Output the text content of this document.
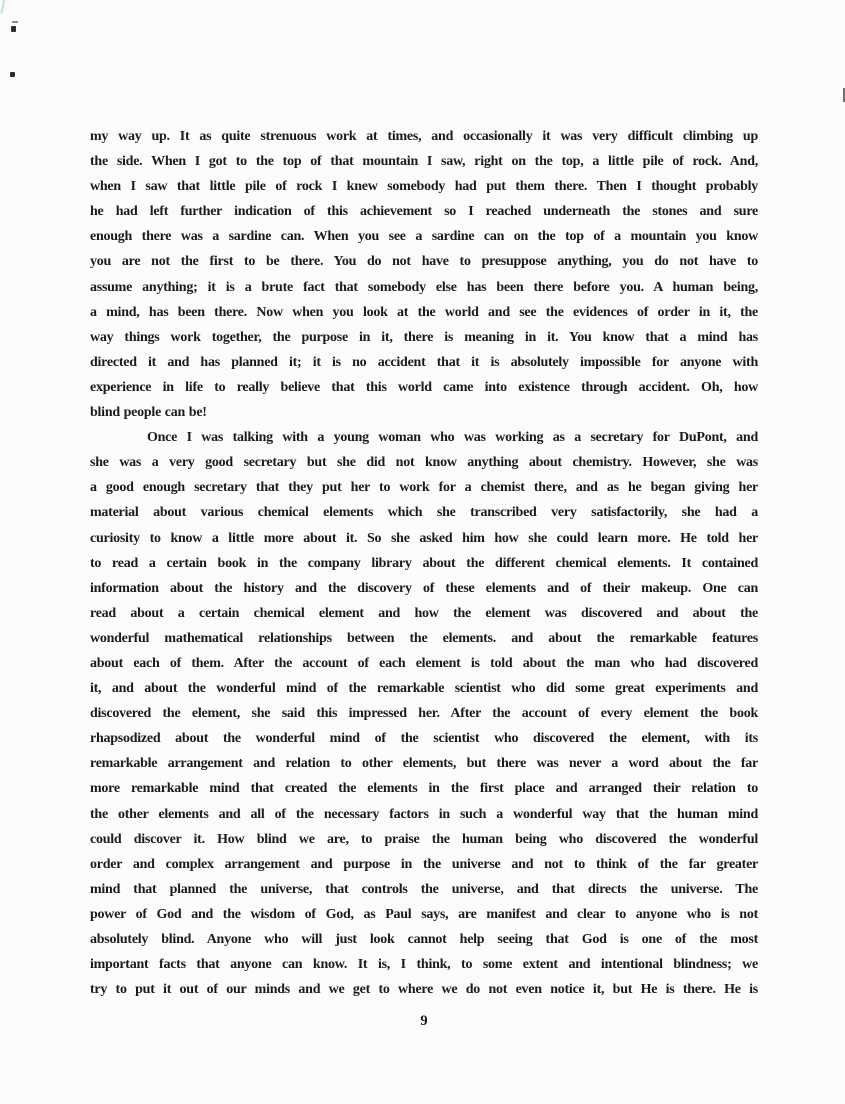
my way up. It as quite strenuous work at times, and occasionally it was very difficult climbing up
the side. When I got to the top of that mountain I saw, right on the top, a little pile of rock. And,
when I saw that little pile of rock I knew somebody had put them there. Then I thought probably
he had left further indication of this achievement so I reached underneath the stones and sure
enough there was a sardine can. When you see a sardine can on the top of a mountain you know
you are not the first to be there. You do not have to presuppose anything, you do not have to
assume anything; it is a brute fact that somebody else has been there before you. A human being,
a mind, has been there. Now when you look at the world and see the evidences of order in it, the
way things work together, the purpose in it, there is meaning in it. You know that a mind has
directed it and has planned it; it is no accident that it is absolutely impossible for anyone with
experience in life to really believe that this world came into existence through accident. Oh, how
blind people can be!
Once I was talking with a young woman who was working as a secretary for DuPont, and
she was a very good secretary but she did not know anything about chemistry. However, she was
a good enough secretary that they put her to work for a chemist there, and as he began giving her
material about various chemical elements which she transcribed very satisfactorily, she had a
curiosity to know a little more about it. So she asked him how she could learn more. He told her
to read a certain book in the company library about the different chemical elements. It contained
information about the history and the discovery of these elements and of their makeup. One can
read about a certain chemical element and how the element was discovered and about the
wonderful mathematical relationships between the elements. and about the remarkable features
about each of them. After the account of each element is told about the man who had discovered
it, and about the wonderful mind of the remarkable scientist who did some great experiments and
discovered the element, she said this impressed her. After the account of every element the book
rhapsodized about the wonderful mind of the scientist who discovered the element, with its
remarkable arrangement and relation to other elements, but there was never a word about the far
more remarkable mind that created the elements in the first place and arranged their relation to
the other elements and all of the necessary factors in such a wonderful way that the human mind
could discover it. How blind we are, to praise the human being who discovered the wonderful
order and complex arrangement and purpose in the universe and not to think of the far greater
mind that planned the universe, that controls the universe, and that directs the universe. The
power of God and the wisdom of God, as Paul says, are manifest and clear to anyone who is not
absolutely blind. Anyone who will just look cannot help seeing that God is one of the most
important facts that anyone can know. It is, I think, to some extent and intentional blindness; we
try to put it out of our minds and we get to where we do not even notice it, but He is there. He is
9
